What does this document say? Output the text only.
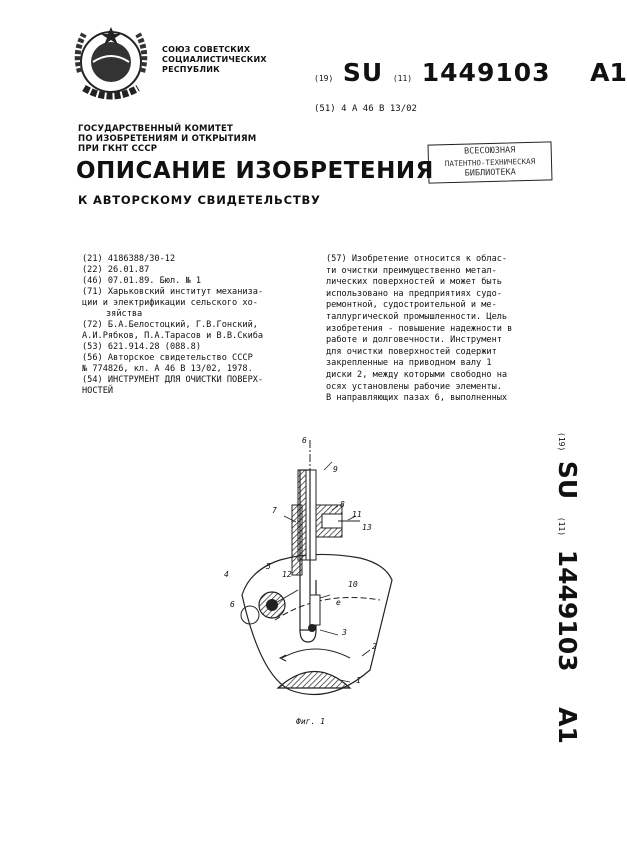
СОЮЗ СОВЕТСКИХ
СОЦИАЛИСТИЧЕСКИХ
РЕСПУБЛИК
(19) SU (11) 1449103 A1
(51) 4 A 46 B 13/02
ГОСУДАРСТВЕННЫЙ КОМИТЕТ
ПО ИЗОБРЕТЕНИЯМ И ОТКРЫТИЯМ
ПРИ ГКНТ СССР	ВСЕСОЮЗНАЯ
ПАТЕНТНО-ТЕХНИЧЕСКАЯ
БИБЛИОТЕКА
ОПИСАНИЕ ИЗОБРЕТЕНИЯ
К АВТОРСКОМУ СВИДЕТЕЛЬСТВУ
(21) 4186388/30-12
(22) 26.01.87
(46) 07.01.89. Бюл. № 1
(71) Харьковский институт механиза-
ции и электрификации сельского хо-
зяйства
(72) Б.А.Белостоцкий, Г.В.Гонский,
А.И.Рябков, П.А.Тарасов и В.В.Скиба
(53) 621.914.28 (088.8)
(56) Авторское свидетельство СССР
№ 774826, кл. А 46 В 13/02, 1978.
(54) ИНСТРУМЕНТ ДЛЯ ОЧИСТКИ ПОВЕРХ-
НОСТЕЙ
(57) Изобретение относится к облас-
ти очистки преимущественно метал-
лических поверхностей и может быть
использовано на предприятиях судо-
ремонтной, судостроительной и ме-
таллургической промышленности. Цель
изобретения - повышение надежности в
работе и долговечности. Инструмент
для очистки поверхностей содержит
закрепленные на приводном валу 1
диски 2, между которыми свободно на
осях установлены рабочие элементы.
В направляющих пазах 6, выполненных
(19) SU (11) 1449103 A1
6
9
8
7	11
13
4
5
6
10
12
3
2
1
e
Фиг. 1
